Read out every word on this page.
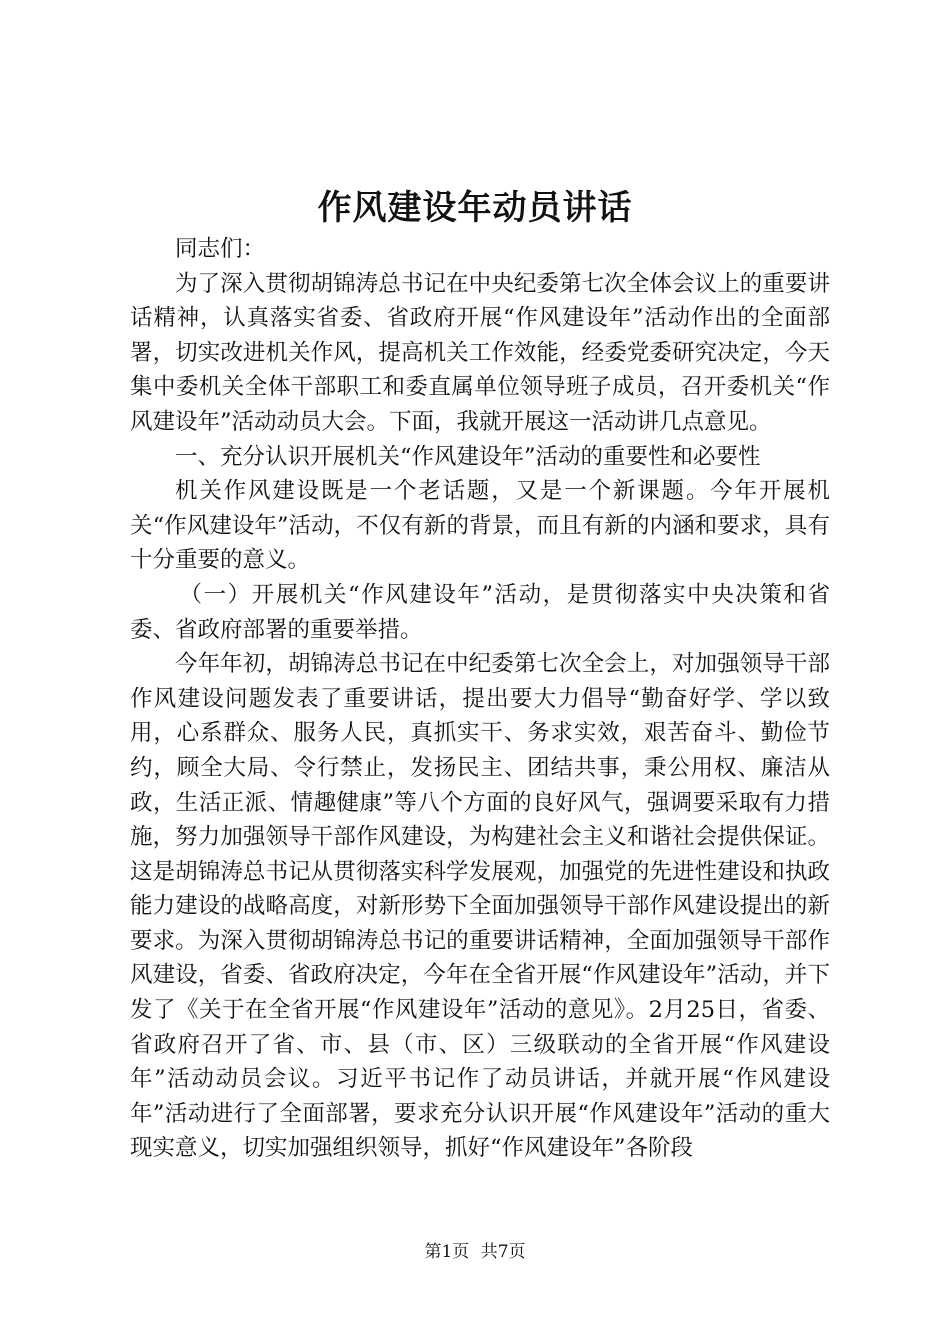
作风建设年动员讲话

同志们：

为了深入贯彻胡锦涛总书记在中央纪委第七次全体会议上的重要讲话精神，认真落实省委、省政府开展“作风建设年”活动作出的全面部署，切实改进机关作风，提高机关工作效能，经委党委研究决定，今天集中委机关全体干部职工和委直属单位领导班子成员，召开委机关“作风建设年”活动动员大会。下面，我就开展这一活动讲几点意见。

一、充分认识开展机关“作风建设年”活动的重要性和必要性

机关作风建设既是一个老话题，又是一个新课题。今年开展机关“作风建设年”活动，不仅有新的背景，而且有新的内涵和要求，具有十分重要的意义。

（一）开展机关“作风建设年”活动，是贯彻落实中央决策和省委、省政府部署的重要举措。

今年年初，胡锦涛总书记在中纪委第七次全会上，对加强领导干部作风建设问题发表了重要讲话，提出要大力倡导“勤奋好学、学以致用，心系群众、服务人民，真抓实干、务求实效，艰苦奋斗、勤俭节约，顾全大局、令行禁止，发扬民主、团结共事，秉公用权、廉洁从政，生活正派、情趣健康”等八个方面的良好风气，强调要采取有力措施，努力加强领导干部作风建设，为构建社会主义和谐社会提供保证。这是胡锦涛总书记从贯彻落实科学发展观，加强党的先进性建设和执政能力建设的战略高度，对新形势下全面加强领导干部作风建设提出的新要求。为深入贯彻胡锦涛总书记的重要讲话精神，全面加强领导干部作风建设，省委、省政府决定，今年在全省开展“作风建设年”活动，并下发了《关于在全省开展“作风建设年”活动的意见》。2月25日，省委、省政府召开了省、市、县（市、区）三级联动的全省开展“作风建设年”活动动员会议。习近平书记作了动员讲话，并就开展“作风建设年”活动进行了全面部署，要求充分认识开展“作风建设年”活动的重大现实意义，切实加强组织领导，抓好“作风建设年”各阶段

第1页 共7页
